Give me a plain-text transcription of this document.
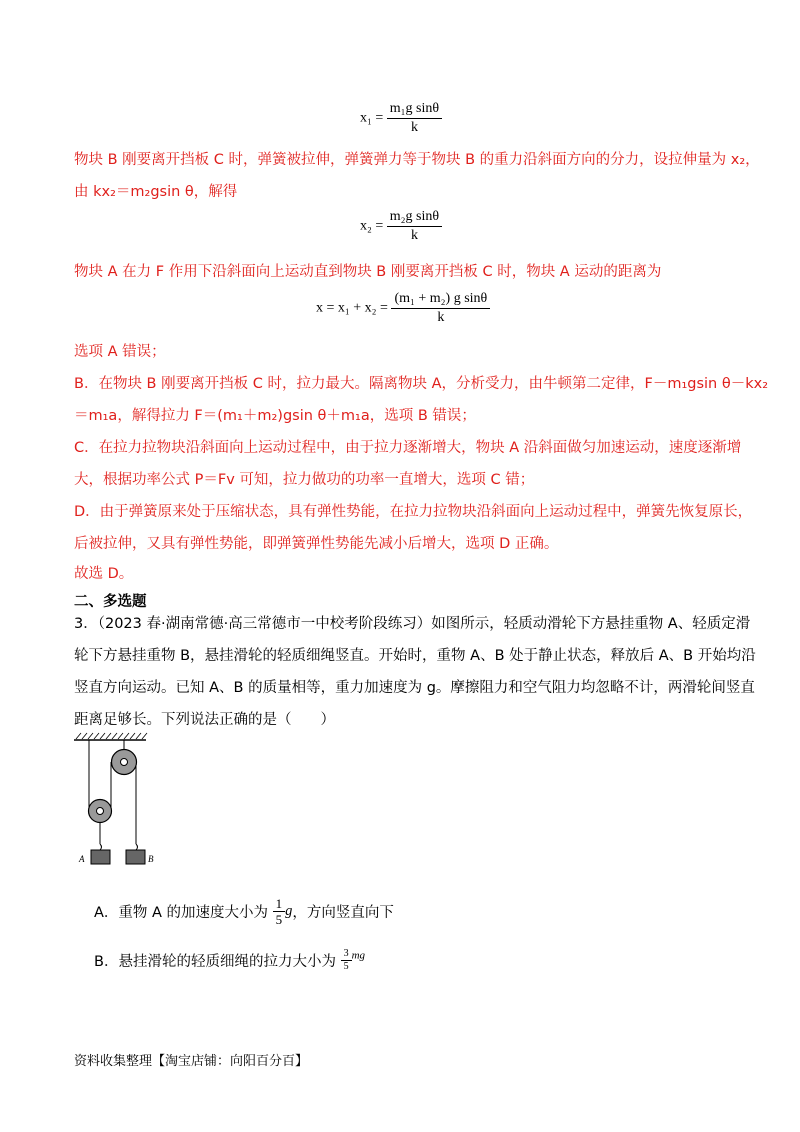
$x_1 = \frac{\text{m₁g sinθ}}{k}$
物块 B 刚要离开挡板 C 时，弹簧被拉伸，弹簧弹力等于物块 B 的重力沿斜面方向的分力，设拉伸量为 x₂，
由 kx₂＝m₂gsin θ，解得
$x_2 = \frac{\text{m₂g sinθ}}{k}$
物块 A 在力 F 作用下沿斜面向上运动直到物块 B 刚要离开挡板 C 时，物块 A 运动的距离为
$x = x_1 + x_2 = \frac{\text{(m₁ + m₂) g sinθ}}{k}$
选项 A 错误；
B．在物块 B 刚要离开挡板 C 时，拉力最大。隔离物块 A，分析受力，由牛顿第二定律，F－m₁gsin θ－kx₂
＝m₁a，解得拉力 F＝(m₁＋m₂)gsin θ＋m₁a，选项 B 错误；
C．在拉力拉物块沿斜面向上运动过程中，由于拉力逐渐增大，物块 A 沿斜面做匀加速运动，速度逐渐增
大，根据功率公式 P＝Fv 可知，拉力做功的功率一直增大，选项 C 错；
D．由于弹簧原来处于压缩状态，具有弹性势能，在拉力拉物块沿斜面向上运动过程中，弹簧先恢复原长，
后被拉伸，又具有弹性势能，即弹簧弹性势能先减小后增大，选项 D 正确。
故选 D。
二、多选题
3．（2023 春·湖南常德·高三常德市一中校考阶段练习）如图所示，轻质动滑轮下方悬挂重物 A、轻质定滑
轮下方悬挂重物 B，悬挂滑轮的轻质细绳竖直。开始时，重物 A、B 处于静止状态，释放后 A、B 开始均沿
竖直方向运动。已知 A、B 的质量相等，重力加速度为 g。摩擦阻力和空气阻力均忽略不计，两滑轮间竖直
距离足够长。下列说法正确的是（　　）
A	B
A．重物 A 的加速度大小为 $\frac{1}{5}$ g，方向竖直向下
B．悬挂滑轮的轻质细绳的拉力大小为 $\frac{3}{5} ^{mg}$
资料收集整理【淘宝店铺：向阳百分百】
